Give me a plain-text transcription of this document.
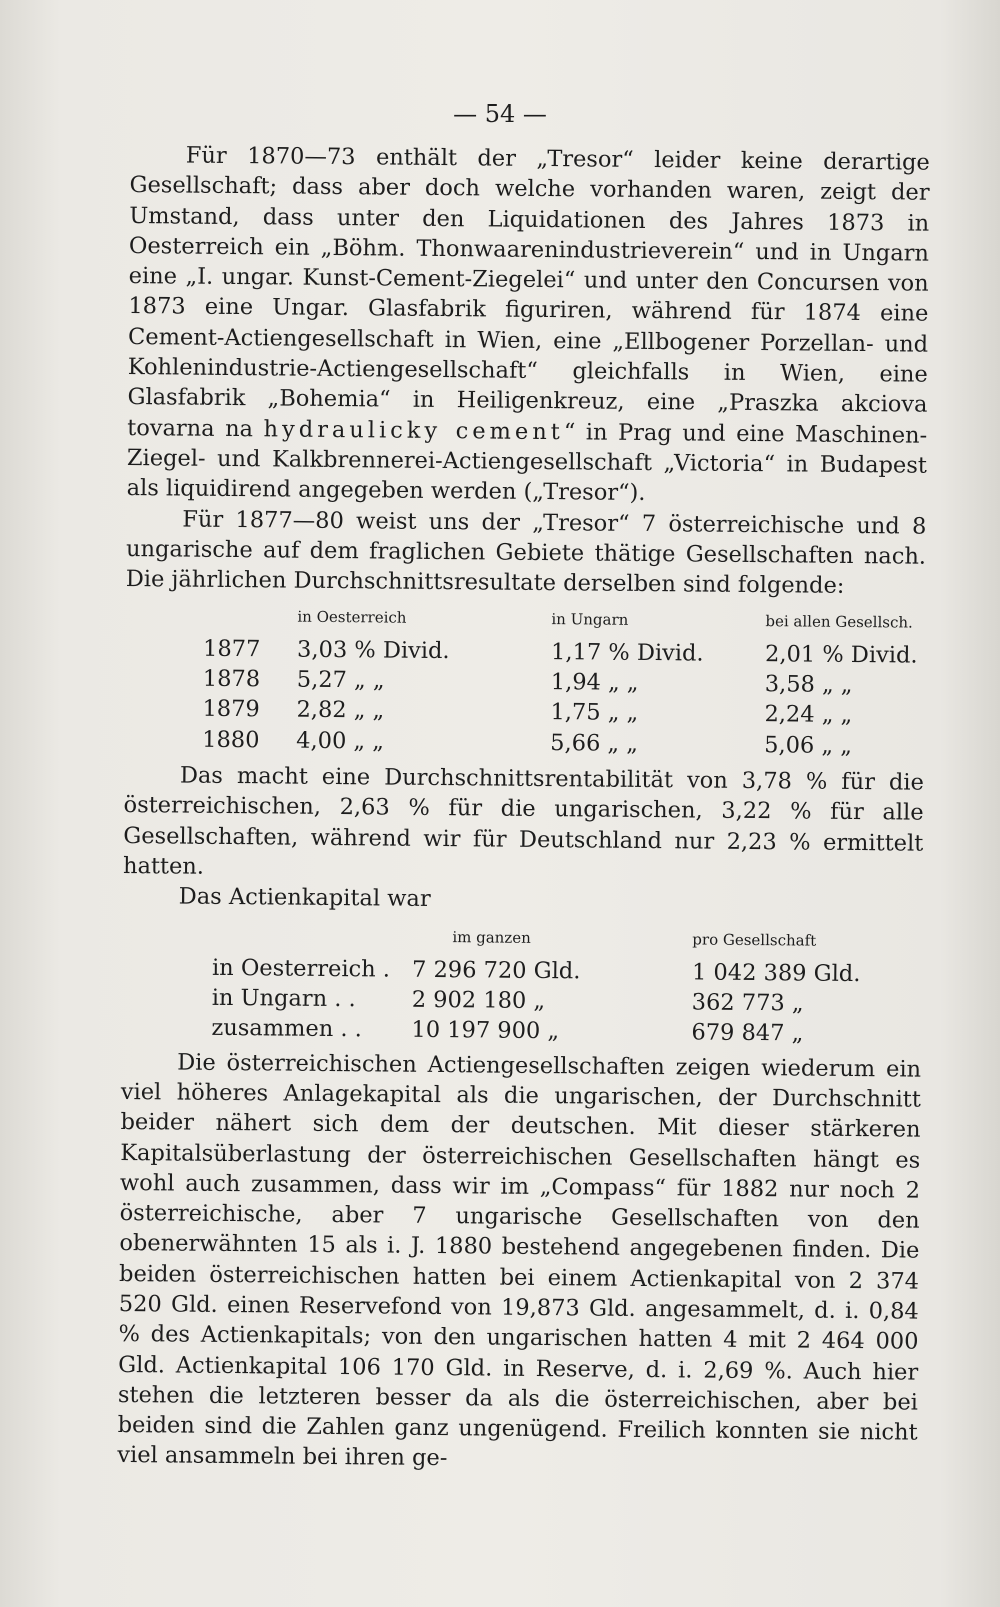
— 54 —

Für 1870—73 enthält der „Tresor“ leider keine derartige Gesellschaft; dass aber doch welche vorhanden waren, zeigt der Umstand, dass unter den Liquidationen des Jahres 1873 in Oesterreich ein „Böhm. Thonwaarenindustrieverein“ und in Ungarn eine „I. ungar. Kunst-Cement-Ziegelei“ und unter den Concursen von 1873 eine Ungar. Glasfabrik figuriren, während für 1874 eine Cement-Actiengesellschaft in Wien, eine „Ellbogener Porzellan- und Kohlenindustrie-Actiengesellschaft“ gleichfalls in Wien, eine Glasfabrik „Bohemia“ in Heiligenkreuz, eine „Praszka akciova tovarna na hydraulicky cement“ in Prag und eine Maschinen-Ziegel- und Kalkbrennerei-Actiengesellschaft „Victoria“ in Budapest als liquidirend angegeben werden („Tresor“).

Für 1877—80 weist uns der „Tresor“ 7 österreichische und 8 ungarische auf dem fraglichen Gebiete thätige Gesellschaften nach. Die jährlichen Durchschnittsresultate derselben sind folgende:

	in Oesterreich	in Ungarn	bei allen Gesellsch.
1877	3,03 % Divid.	1,17 % Divid.	2,01 % Divid.
1878	5,27 „ „	1,94 „ „	3,58 „ „
1879	2,82 „ „	1,75 „ „	2,24 „ „
1880	4,00 „ „	5,66 „ „	5,06 „ „

Das macht eine Durchschnittsrentabilität von 3,78 % für die österreichischen, 2,63 % für die ungarischen, 3,22 % für alle Gesellschaften, während wir für Deutschland nur 2,23 % ermittelt hatten.

Das Actienkapital war

	im ganzen	pro Gesellschaft
in Oesterreich .	7 296 720 Gld.	1 042 389 Gld.
in Ungarn . .	2 902 180 „	362 773 „
zusammen . .	10 197 900 „	679 847 „

Die österreichischen Actiengesellschaften zeigen wiederum ein viel höheres Anlagekapital als die ungarischen, der Durchschnitt beider nähert sich dem der deutschen. Mit dieser stärkeren Kapitalsüberlastung der österreichischen Gesellschaften hängt es wohl auch zusammen, dass wir im „Compass“ für 1882 nur noch 2 österreichische, aber 7 ungarische Gesellschaften von den obenerwähnten 15 als i. J. 1880 bestehend angegebenen finden. Die beiden österreichischen hatten bei einem Actienkapital von 2 374 520 Gld. einen Reservefond von 19,873 Gld. angesammelt, d. i. 0,84 % des Actienkapitals; von den ungarischen hatten 4 mit 2 464 000 Gld. Actienkapital 106 170 Gld. in Reserve, d. i. 2,69 %. Auch hier stehen die letzteren besser da als die österreichischen, aber bei beiden sind die Zahlen ganz ungenügend. Freilich konnten sie nicht viel ansammeln bei ihren ge-
